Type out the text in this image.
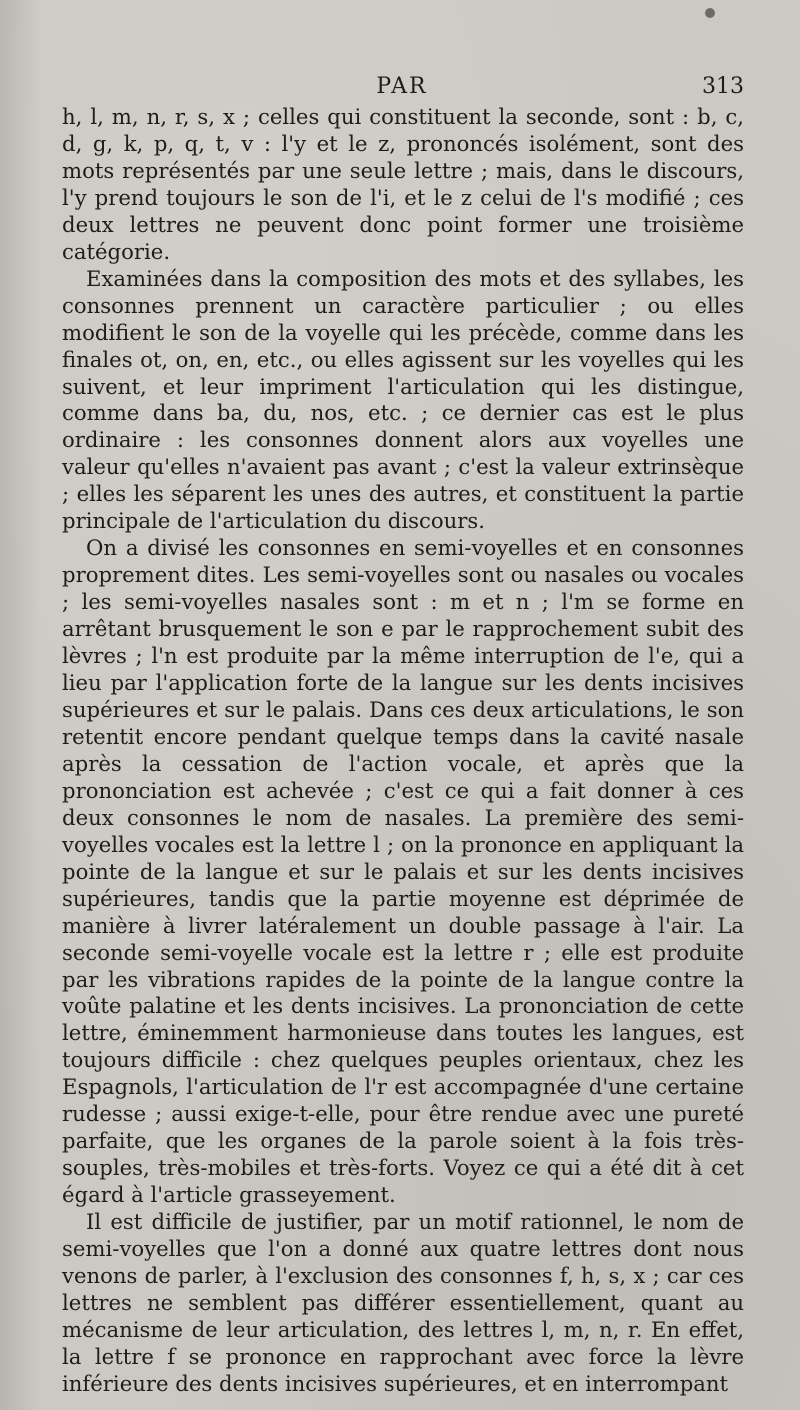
PAR	313

h, l, m, n, r, s, x ; celles qui constituent la seconde, sont : b, c, d, g, k, p, q, t, v : l'y et le z, prononcés isolément, sont des mots représentés par une seule lettre ; mais, dans le discours, l'y prend toujours le son de l'i, et le z celui de l's modifié ; ces deux lettres ne peuvent donc point former une troisième catégorie.

Examinées dans la composition des mots et des syllabes, les consonnes prennent un caractère particulier ; ou elles modifient le son de la voyelle qui les précède, comme dans les finales ot, on, en, etc., ou elles agissent sur les voyelles qui les suivent, et leur impriment l'articulation qui les distingue, comme dans ba, du, nos, etc. ; ce dernier cas est le plus ordinaire : les consonnes donnent alors aux voyelles une valeur qu'elles n'avaient pas avant ; c'est la valeur extrinsèque ; elles les séparent les unes des autres, et constituent la partie principale de l'articulation du discours.

On a divisé les consonnes en semi-voyelles et en consonnes proprement dites. Les semi-voyelles sont ou nasales ou vocales ; les semi-voyelles nasales sont : m et n ; l'm se forme en arrêtant brusquement le son e par le rapprochement subit des lèvres ; l'n est produite par la même interruption de l'e, qui a lieu par l'application forte de la langue sur les dents incisives supérieures et sur le palais. Dans ces deux articulations, le son retentit encore pendant quelque temps dans la cavité nasale après la cessation de l'action vocale, et après que la prononciation est achevée ; c'est ce qui a fait donner à ces deux consonnes le nom de nasales. La première des semi-voyelles vocales est la lettre l ; on la prononce en appliquant la pointe de la langue et sur le palais et sur les dents incisives supérieures, tandis que la partie moyenne est déprimée de manière à livrer latéralement un double passage à l'air. La seconde semi-voyelle vocale est la lettre r ; elle est produite par les vibrations rapides de la pointe de la langue contre la voûte palatine et les dents incisives. La prononciation de cette lettre, éminemment harmonieuse dans toutes les langues, est toujours difficile : chez quelques peuples orientaux, chez les Espagnols, l'articulation de l'r est accompagnée d'une certaine rudesse ; aussi exige-t-elle, pour être rendue avec une pureté parfaite, que les organes de la parole soient à la fois très-souples, très-mobiles et très-forts. Voyez ce qui a été dit à cet égard à l'article grasseyement.

Il est difficile de justifier, par un motif rationnel, le nom de semi-voyelles que l'on a donné aux quatre lettres dont nous venons de parler, à l'exclusion des consonnes f, h, s, x ; car ces lettres ne semblent pas différer essentiellement, quant au mécanisme de leur articulation, des lettres l, m, n, r. En effet, la lettre f se prononce en rapprochant avec force la lèvre inférieure des dents incisives supérieures, et en interrompant
